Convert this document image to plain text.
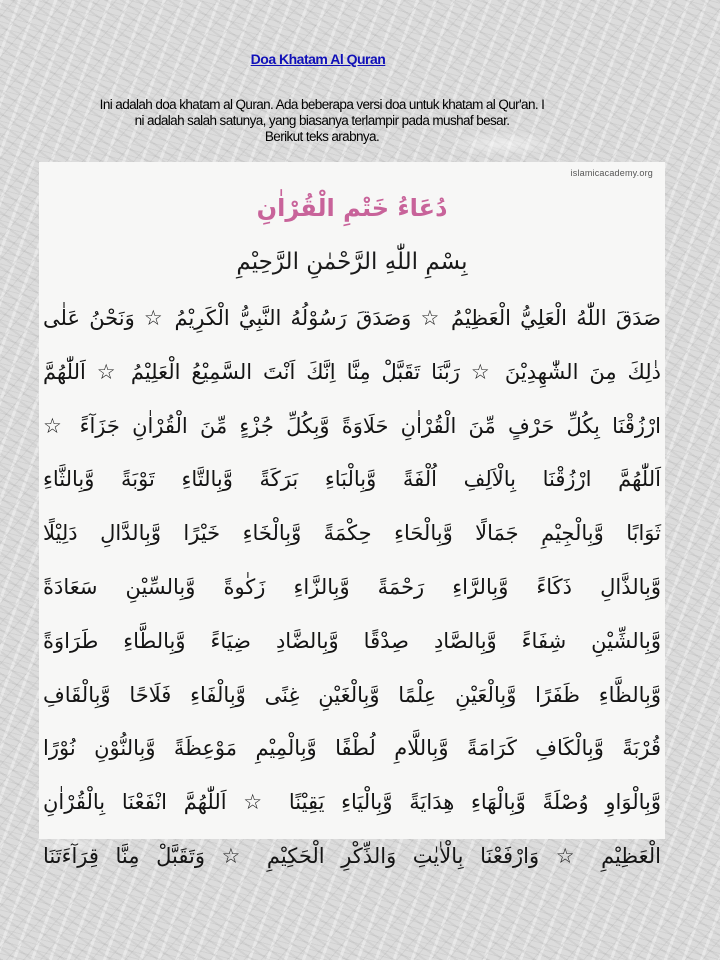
Doa Khatam Al Quran
Ini adalah doa khatam al Quran. Ada beberapa versi doa untuk khatam al Qur'an. I
ni adalah salah satunya, yang biasanya terlampir pada mushaf besar.
Berikut teks arabnya.
islamicacademy.org
دُعَاءُ خَتْمِ الْقُرْاٰنِ
بِسْمِ اللّٰهِ الرَّحْمٰنِ الرَّحِيْمِ
صَدَقَ اللّٰهُ الْعَلِيُّ الْعَظِيْمُ ☆ وَصَدَقَ رَسُوْلُهُ النَّبِيُّ الْكَرِيْمُ ☆ وَنَحْنُ عَلٰى
ذٰلِكَ مِنَ الشّٰهِدِيْنَ ☆ رَبَّنَا تَقَبَّلْ مِنَّا اِنَّكَ اَنْتَ السَّمِيْعُ الْعَلِيْمُ ☆ اَللّٰهُمَّ
ارْزُقْنَا بِكُلِّ حَرْفٍ مِّنَ الْقُرْاٰنِ حَلَاوَةً وَّبِكُلِّ جُزْءٍ مِّنَ الْقُرْاٰنِ جَزَآءً ☆
اَللّٰهُمَّ ارْزُقْنَا بِالْاَلِفِ اُلْفَةً وَّبِالْبَاءِ بَرَكَةً وَّبِالتَّاءِ تَوْبَةً وَّبِالثَّاءِ
ثَوَابًا وَّبِالْجِيْمِ جَمَالًا وَّبِالْحَاءِ حِكْمَةً وَّبِالْخَاءِ خَيْرًا وَّبِالدَّالِ دَلِيْلًا
وَّبِالذَّالِ ذَكَاءً وَّبِالرَّاءِ رَحْمَةً وَّبِالزَّاءِ زَكٰوةً وَّبِالسِّيْنِ سَعَادَةً
وَّبِالشِّيْنِ شِفَاءً وَّبِالصَّادِ صِدْقًا وَّبِالضَّادِ ضِيَاءً وَّبِالطَّاءِ طَرَاوَةً
وَّبِالظَّاءِ ظَفَرًا وَّبِالْعَيْنِ عِلْمًا وَّبِالْغَيْنِ غِنًى وَّبِالْفَاءِ فَلَاحًا وَّبِالْقَافِ
قُرْبَةً وَّبِالْكَافِ كَرَامَةً وَّبِاللَّامِ لُطْفًا وَّبِالْمِيْمِ مَوْعِظَةً وَّبِالنُّوْنِ نُوْرًا
وَّبِالْوَاوِ وُصْلَةً وَّبِالْهَاءِ هِدَايَةً وَّبِالْيَاءِ يَقِيْنًا ☆ اَللّٰهُمَّ انْفَعْنَا بِالْقُرْاٰنِ
الْعَظِيْمِ ☆ وَارْفَعْنَا بِالْاٰيٰتِ وَالذِّكْرِ الْحَكِيْمِ ☆ وَتَقَبَّلْ مِنَّا قِرَآءَتَنَا
